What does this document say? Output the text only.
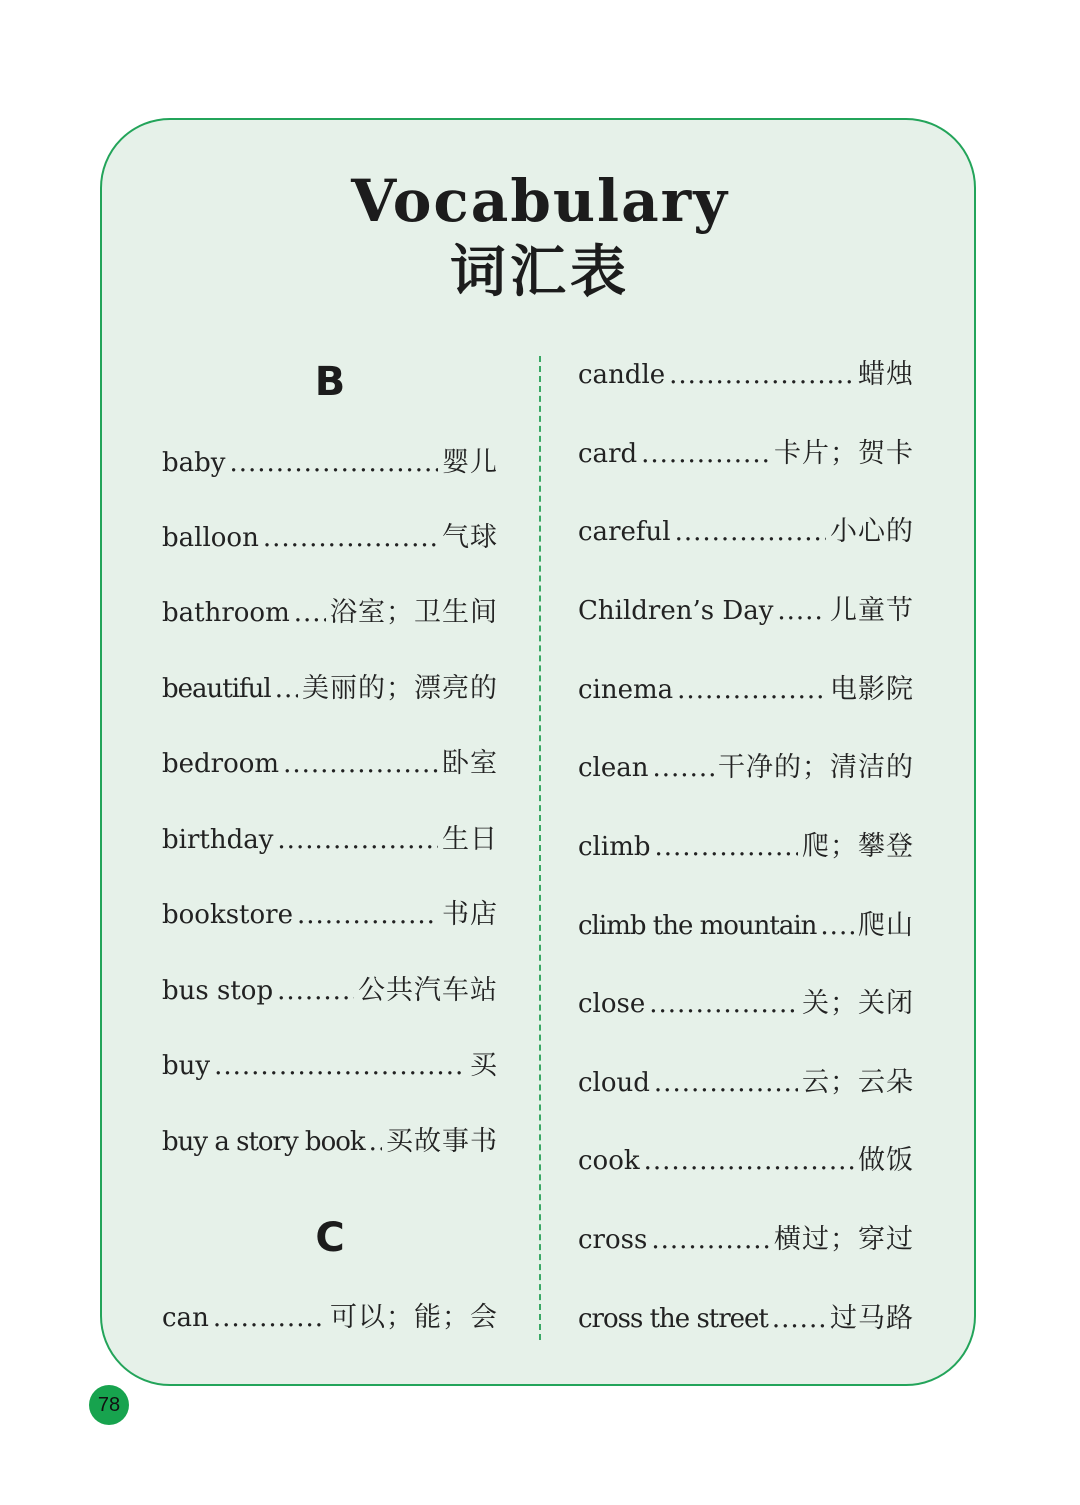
Vocabulary
词汇表
B
baby .....	婴儿
balloon .....	气球
bathroom ..... 浴室；卫生间
beautiful ..... 美丽的；漂亮的
bedroom .....	卧室
birthday .....	生日
bookstore .....	书店
bus stop .....	公共汽车站
buy .....	买
buy a story book ..... 买故事书
C
can .....	可以；能；会
candle .....	蜡烛
card .....	卡片；贺卡
careful .....	小心的
Children’s Day ..... 儿童节
cinema .....	电影院
clean .....	干净的；清洁的
climb .....	爬；攀登
climb the mountain ..... 爬山
close .....	关；关闭
cloud .....	云；云朵
cook .....	做饭
cross .....	横过；穿过
cross the street ..... 过马路
78
